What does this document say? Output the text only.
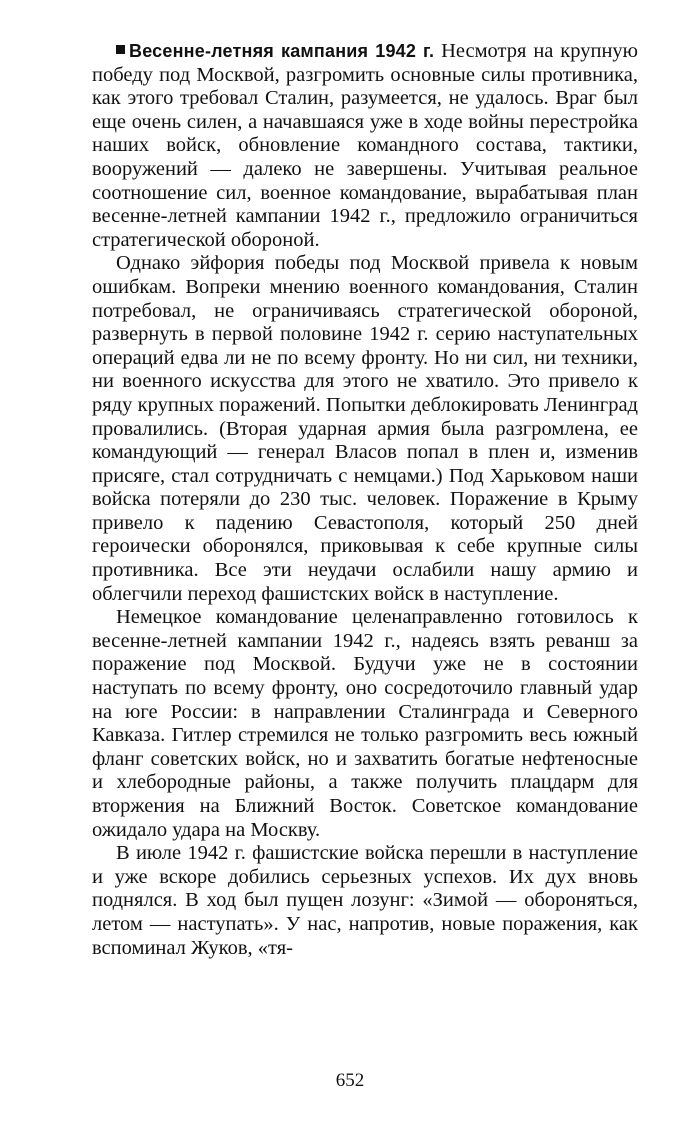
Весенне-летняя кампания 1942 г. Несмотря на крупную победу под Москвой, разгромить основные силы противника, как этого требовал Сталин, разумеется, не удалось. Враг был еще очень силен, а начавшаяся уже в ходе войны перестройка наших войск, обновление командного состава, тактики, вооружений — далеко не завершены. Учитывая реальное соотношение сил, военное командование, вырабатывая план весенне-летней кампании 1942 г., предложило ограничиться стратегической обороной.

Однако эйфория победы под Москвой привела к новым ошибкам. Вопреки мнению военного командования, Сталин потребовал, не ограничиваясь стратегической обороной, развернуть в первой половине 1942 г. серию наступательных операций едва ли не по всему фронту. Но ни сил, ни техники, ни военного искусства для этого не хватило. Это привело к ряду крупных поражений. Попытки деблокировать Ленинград провалились. (Вторая ударная армия была разгромлена, ее командующий — генерал Власов попал в плен и, изменив присяге, стал сотрудничать с немцами.) Под Харьковом наши войска потеряли до 230 тыс. человек. Поражение в Крыму привело к падению Севастополя, который 250 дней героически оборонялся, приковывая к себе крупные силы противника. Все эти неудачи ослабили нашу армию и облегчили переход фашистских войск в наступление.

Немецкое командование целенаправленно готовилось к весенне-летней кампании 1942 г., надеясь взять реванш за поражение под Москвой. Будучи уже не в состоянии наступать по всему фронту, оно сосредоточило главный удар на юге России: в направлении Сталинграда и Северного Кавказа. Гитлер стремился не только разгромить весь южный фланг советских войск, но и захватить богатые нефтеносные и хлебородные районы, а также получить плацдарм для вторжения на Ближний Восток. Советское командование ожидало удара на Москву.

В июле 1942 г. фашистские войска перешли в наступление и уже вскоре добились серьезных успехов. Их дух вновь поднялся. В ход был пущен лозунг: «Зимой — обороняться, летом — наступать». У нас, напротив, новые поражения, как вспоминал Жуков, «тя-

652
